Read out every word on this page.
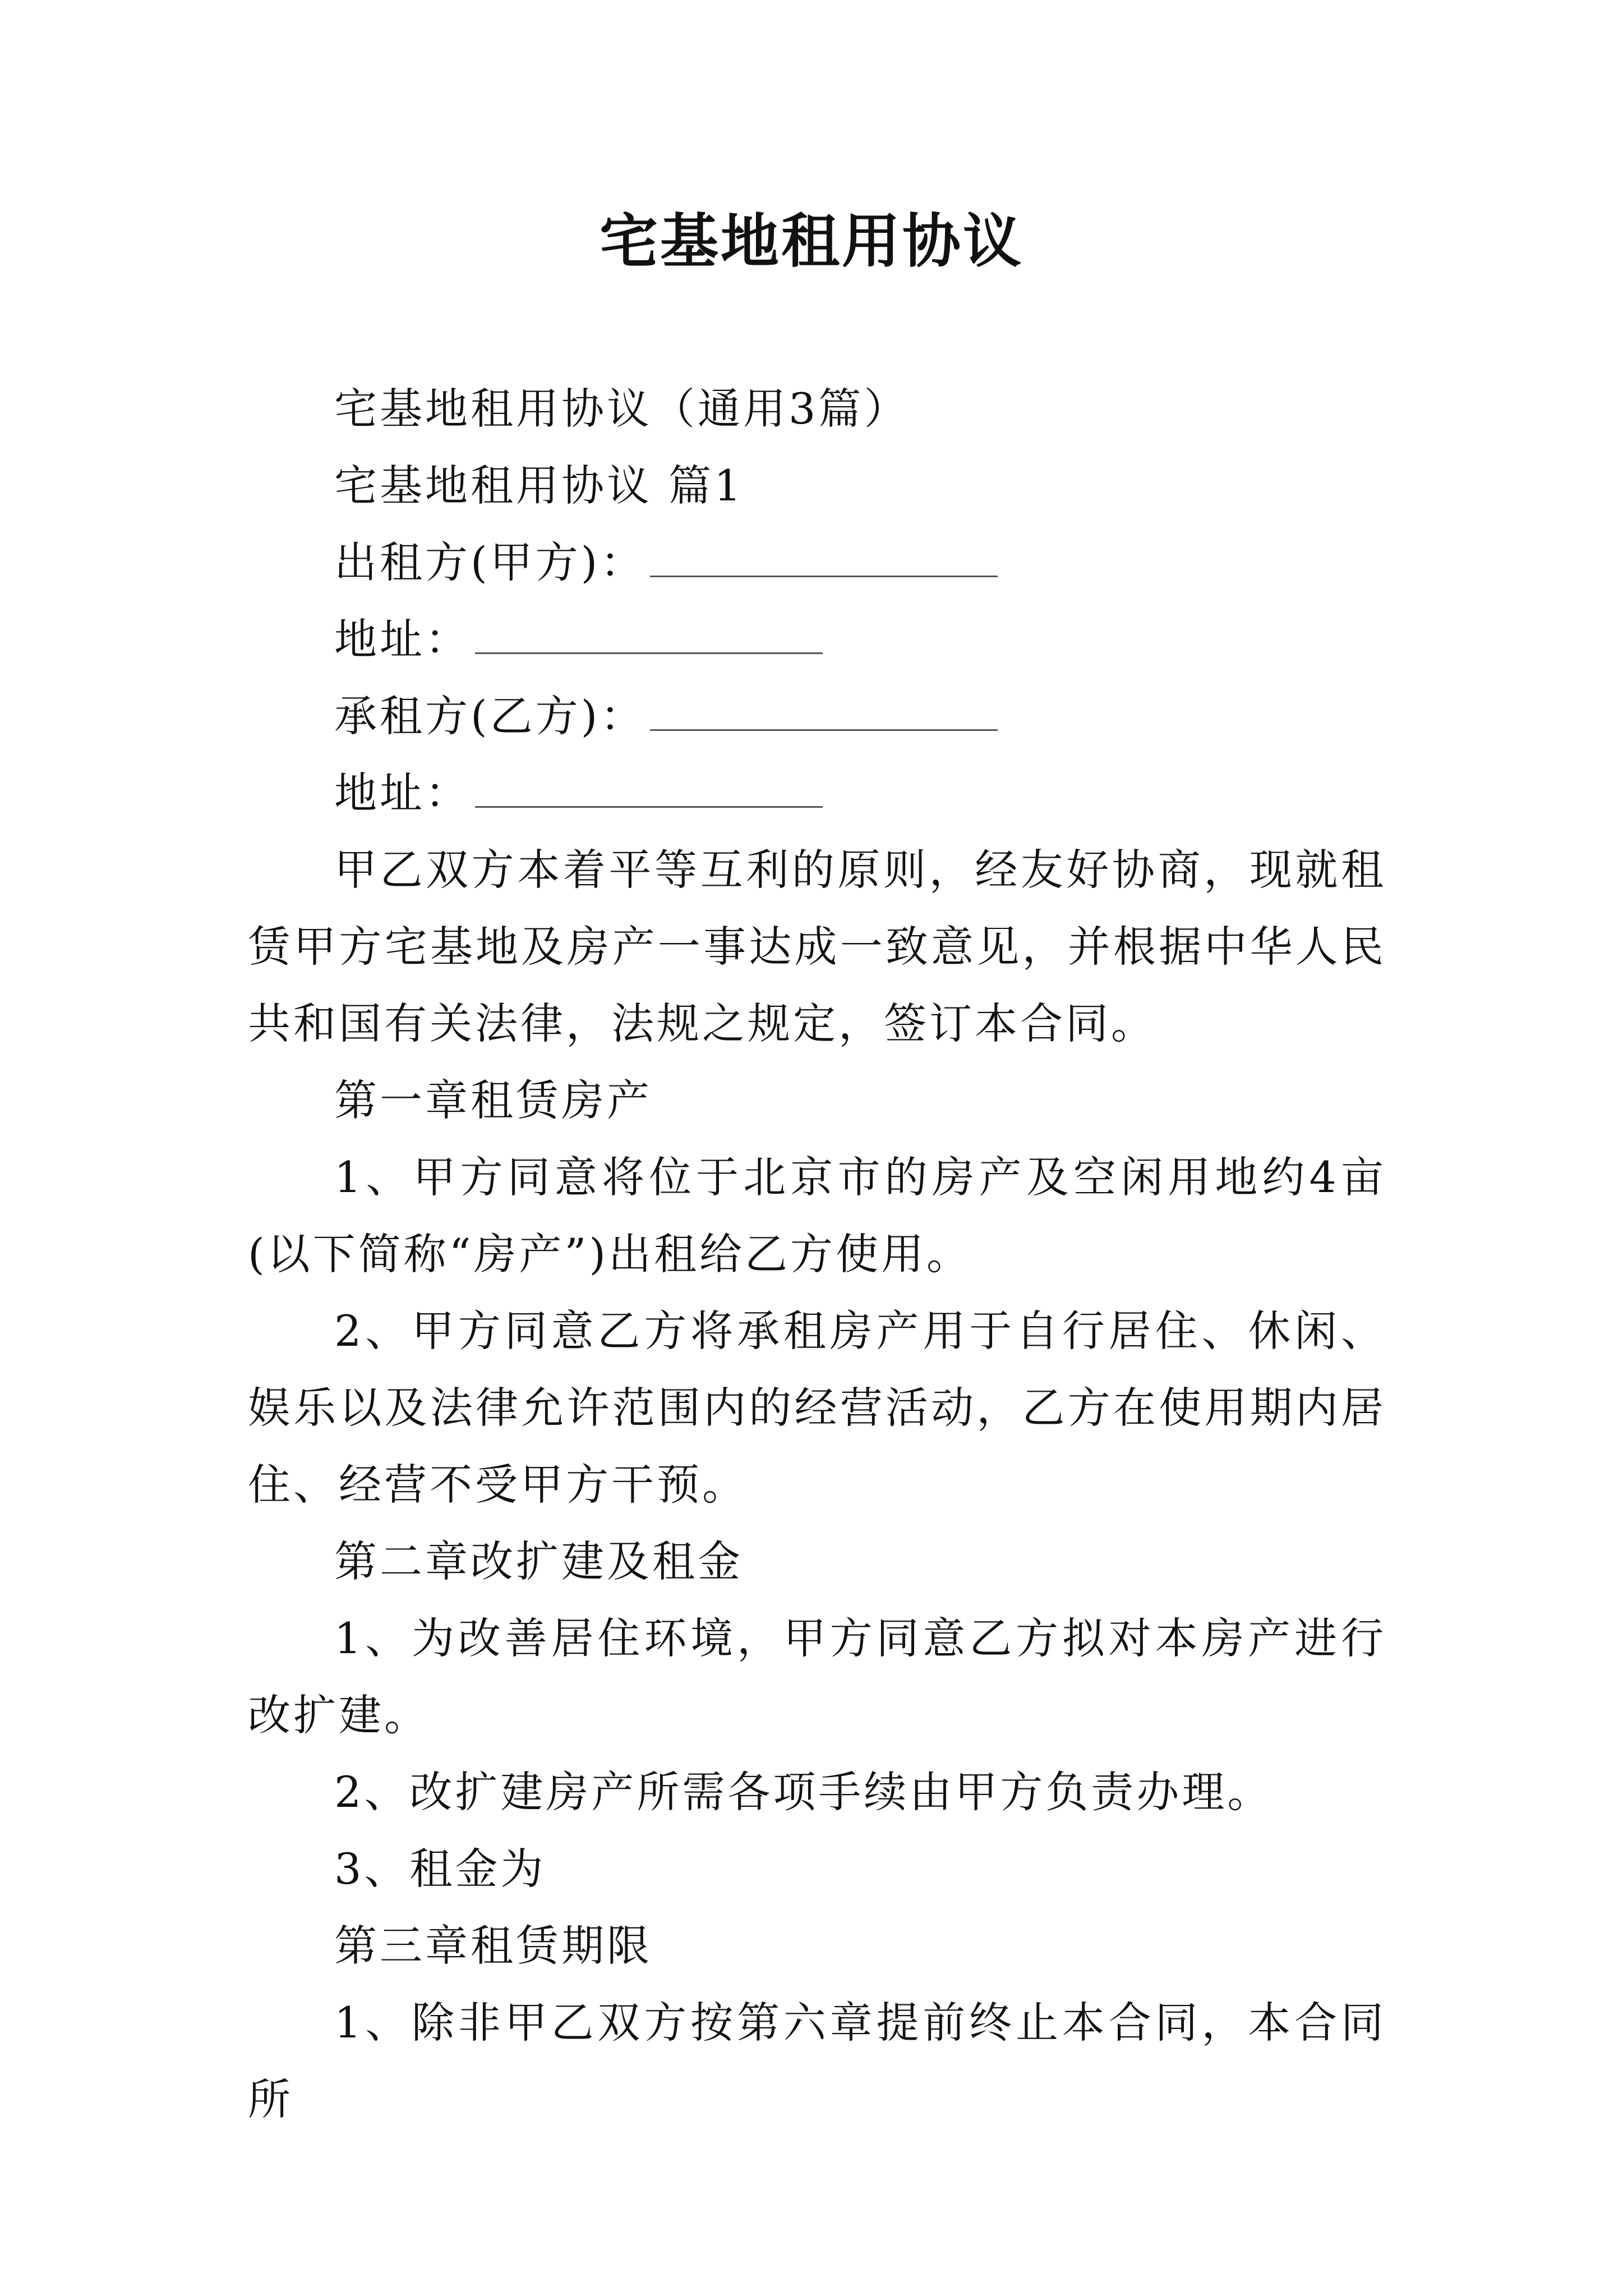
宅基地租用协议

宅基地租用协议（通用3篇）

宅基地租用协议 篇1

出租方(甲方)：

地址：

承租方(乙方)：

地址：

甲乙双方本着平等互利的原则，经友好协商，现就租赁甲方宅基地及房产一事达成一致意见，并根据中华人民共和国有关法律，法规之规定，签订本合同。

第一章租赁房产

1、甲方同意将位于北京市的房产及空闲用地约4亩(以下简称“房产”)出租给乙方使用。

2、甲方同意乙方将承租房产用于自行居住、休闲、娱乐以及法律允许范围内的经营活动，乙方在使用期内居住、经营不受甲方干预。

第二章改扩建及租金

1、为改善居住环境，甲方同意乙方拟对本房产进行改扩建。

2、改扩建房产所需各项手续由甲方负责办理。

3、租金为

第三章租赁期限

1、除非甲乙双方按第六章提前终止本合同，本合同所
